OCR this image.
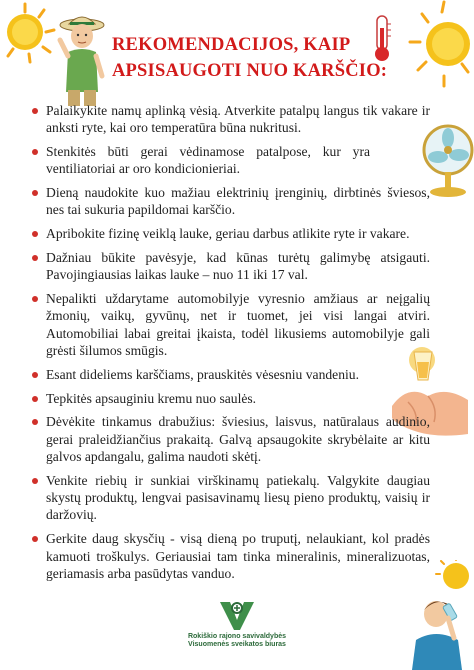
REKOMENDACIJOS, KAIP
APSISAUGOTI NUO KARŠČIO:
Palaikykite namų aplinką vėsią. Atverkite patalpų langus tik vakare ir anksti ryte, kai oro temperatūra būna nukritusi.
Stenkitės būti gerai vėdinamose patalpose, kur yra ventiliatoriai ar oro kondicionieriai.
Dieną naudokite kuo mažiau elektrinių įrenginių, dirbtinės šviesos, nes tai sukuria papildomai karščio.
Apribokite fizinę veiklą lauke, geriau darbus atlikite ryte ir vakare.
Dažniau būkite pavėsyje, kad kūnas turėtų galimybę atsigauti. Pavojingiausias laikas lauke – nuo 11 iki 17 val.
Nepalikti uždarytame automobilyje vyresnio amžiaus ar neįgalių žmonių, vaikų, gyvūnų, net ir tuomet, jei visi langai atviri. Automobiliai labai greitai įkaista, todėl likusiems automobilyje gali grėsti šilumos smūgis.
Esant dideliems karščiams, prauskitės vėsesniu vandeniu.
Tepkitės apsauginiu kremu nuo saulės.
Dėvėkite tinkamus drabužius: šviesius, laisvus, natūralaus audinio, gerai praleidžiančius prakaitą. Galvą apsaugokite skrybėlaite ar kitu galvos apdangalu, galima naudoti skėtį.
Venkite riebių ir sunkiai virškinamų patiekalų. Valgykite daugiau skystų produktų, lengvai pasisavinamų liesų pieno produktų, vaisių ir daržovių.
Gerkite daug skysčių - visą dieną po truputį, nelaukiant, kol pradės kamuoti troškulys. Geriausiai tam tinka mineralinis, mineralizuotas, geriamasis arba pasūdytas vanduo.
Rokiškio rajono savivaldybės
Visuomenės sveikatos biuras
